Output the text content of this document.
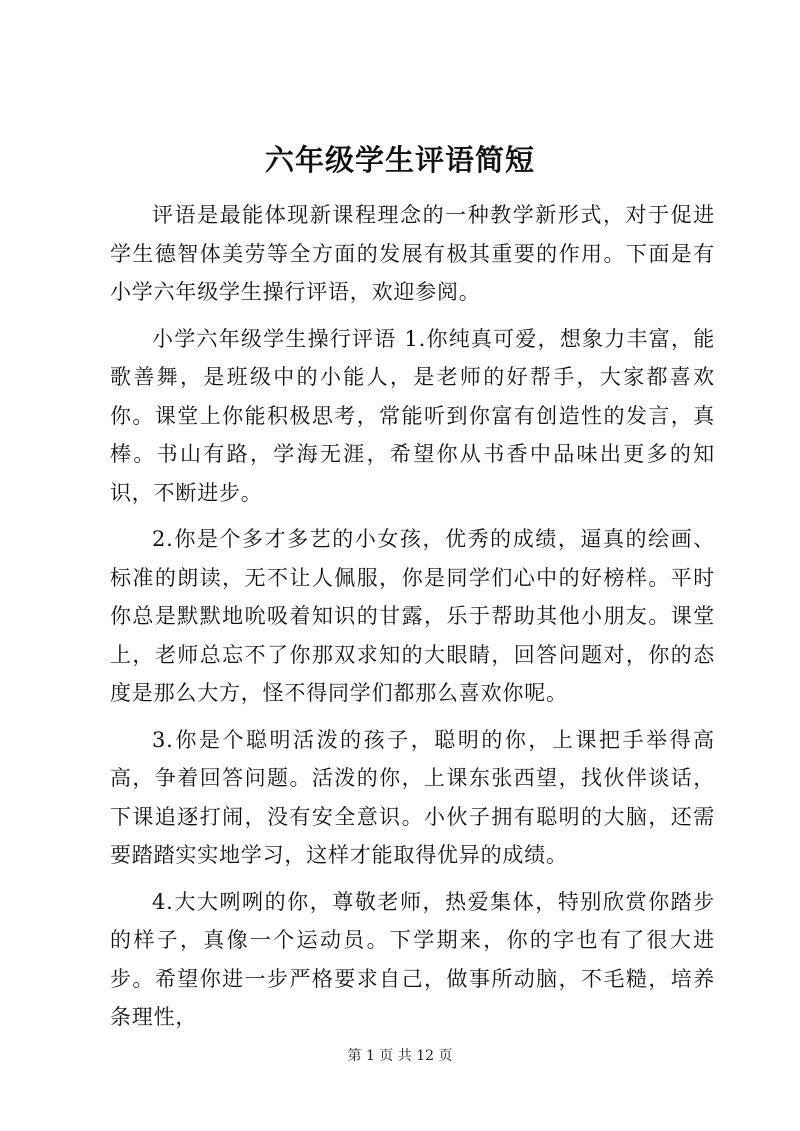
六年级学生评语简短

评语是最能体现新课程理念的一种教学新形式，对于促进学生德智体美劳等全方面的发展有极其重要的作用。下面是有小学六年级学生操行评语，欢迎参阅。

小学六年级学生操行评语 1.你纯真可爱，想象力丰富，能歌善舞，是班级中的小能人，是老师的好帮手，大家都喜欢你。课堂上你能积极思考，常能听到你富有创造性的发言，真棒。书山有路，学海无涯，希望你从书香中品味出更多的知识，不断进步。

2.你是个多才多艺的小女孩，优秀的成绩，逼真的绘画、标准的朗读，无不让人佩服，你是同学们心中的好榜样。平时你总是默默地吮吸着知识的甘露，乐于帮助其他小朋友。课堂上，老师总忘不了你那双求知的大眼睛，回答问题对，你的态度是那么大方，怪不得同学们都那么喜欢你呢。

3.你是个聪明活泼的孩子，聪明的你，上课把手举得高高，争着回答问题。活泼的你，上课东张西望，找伙伴谈话，下课追逐打闹，没有安全意识。小伙子拥有聪明的大脑，还需要踏踏实实地学习，这样才能取得优异的成绩。

4.大大咧咧的你，尊敬老师，热爱集体，特别欣赏你踏步的样子，真像一个运动员。下学期来，你的字也有了很大进步。希望你进一步严格要求自己，做事所动脑，不毛糙，培养条理性，

第 1 页 共 12 页
